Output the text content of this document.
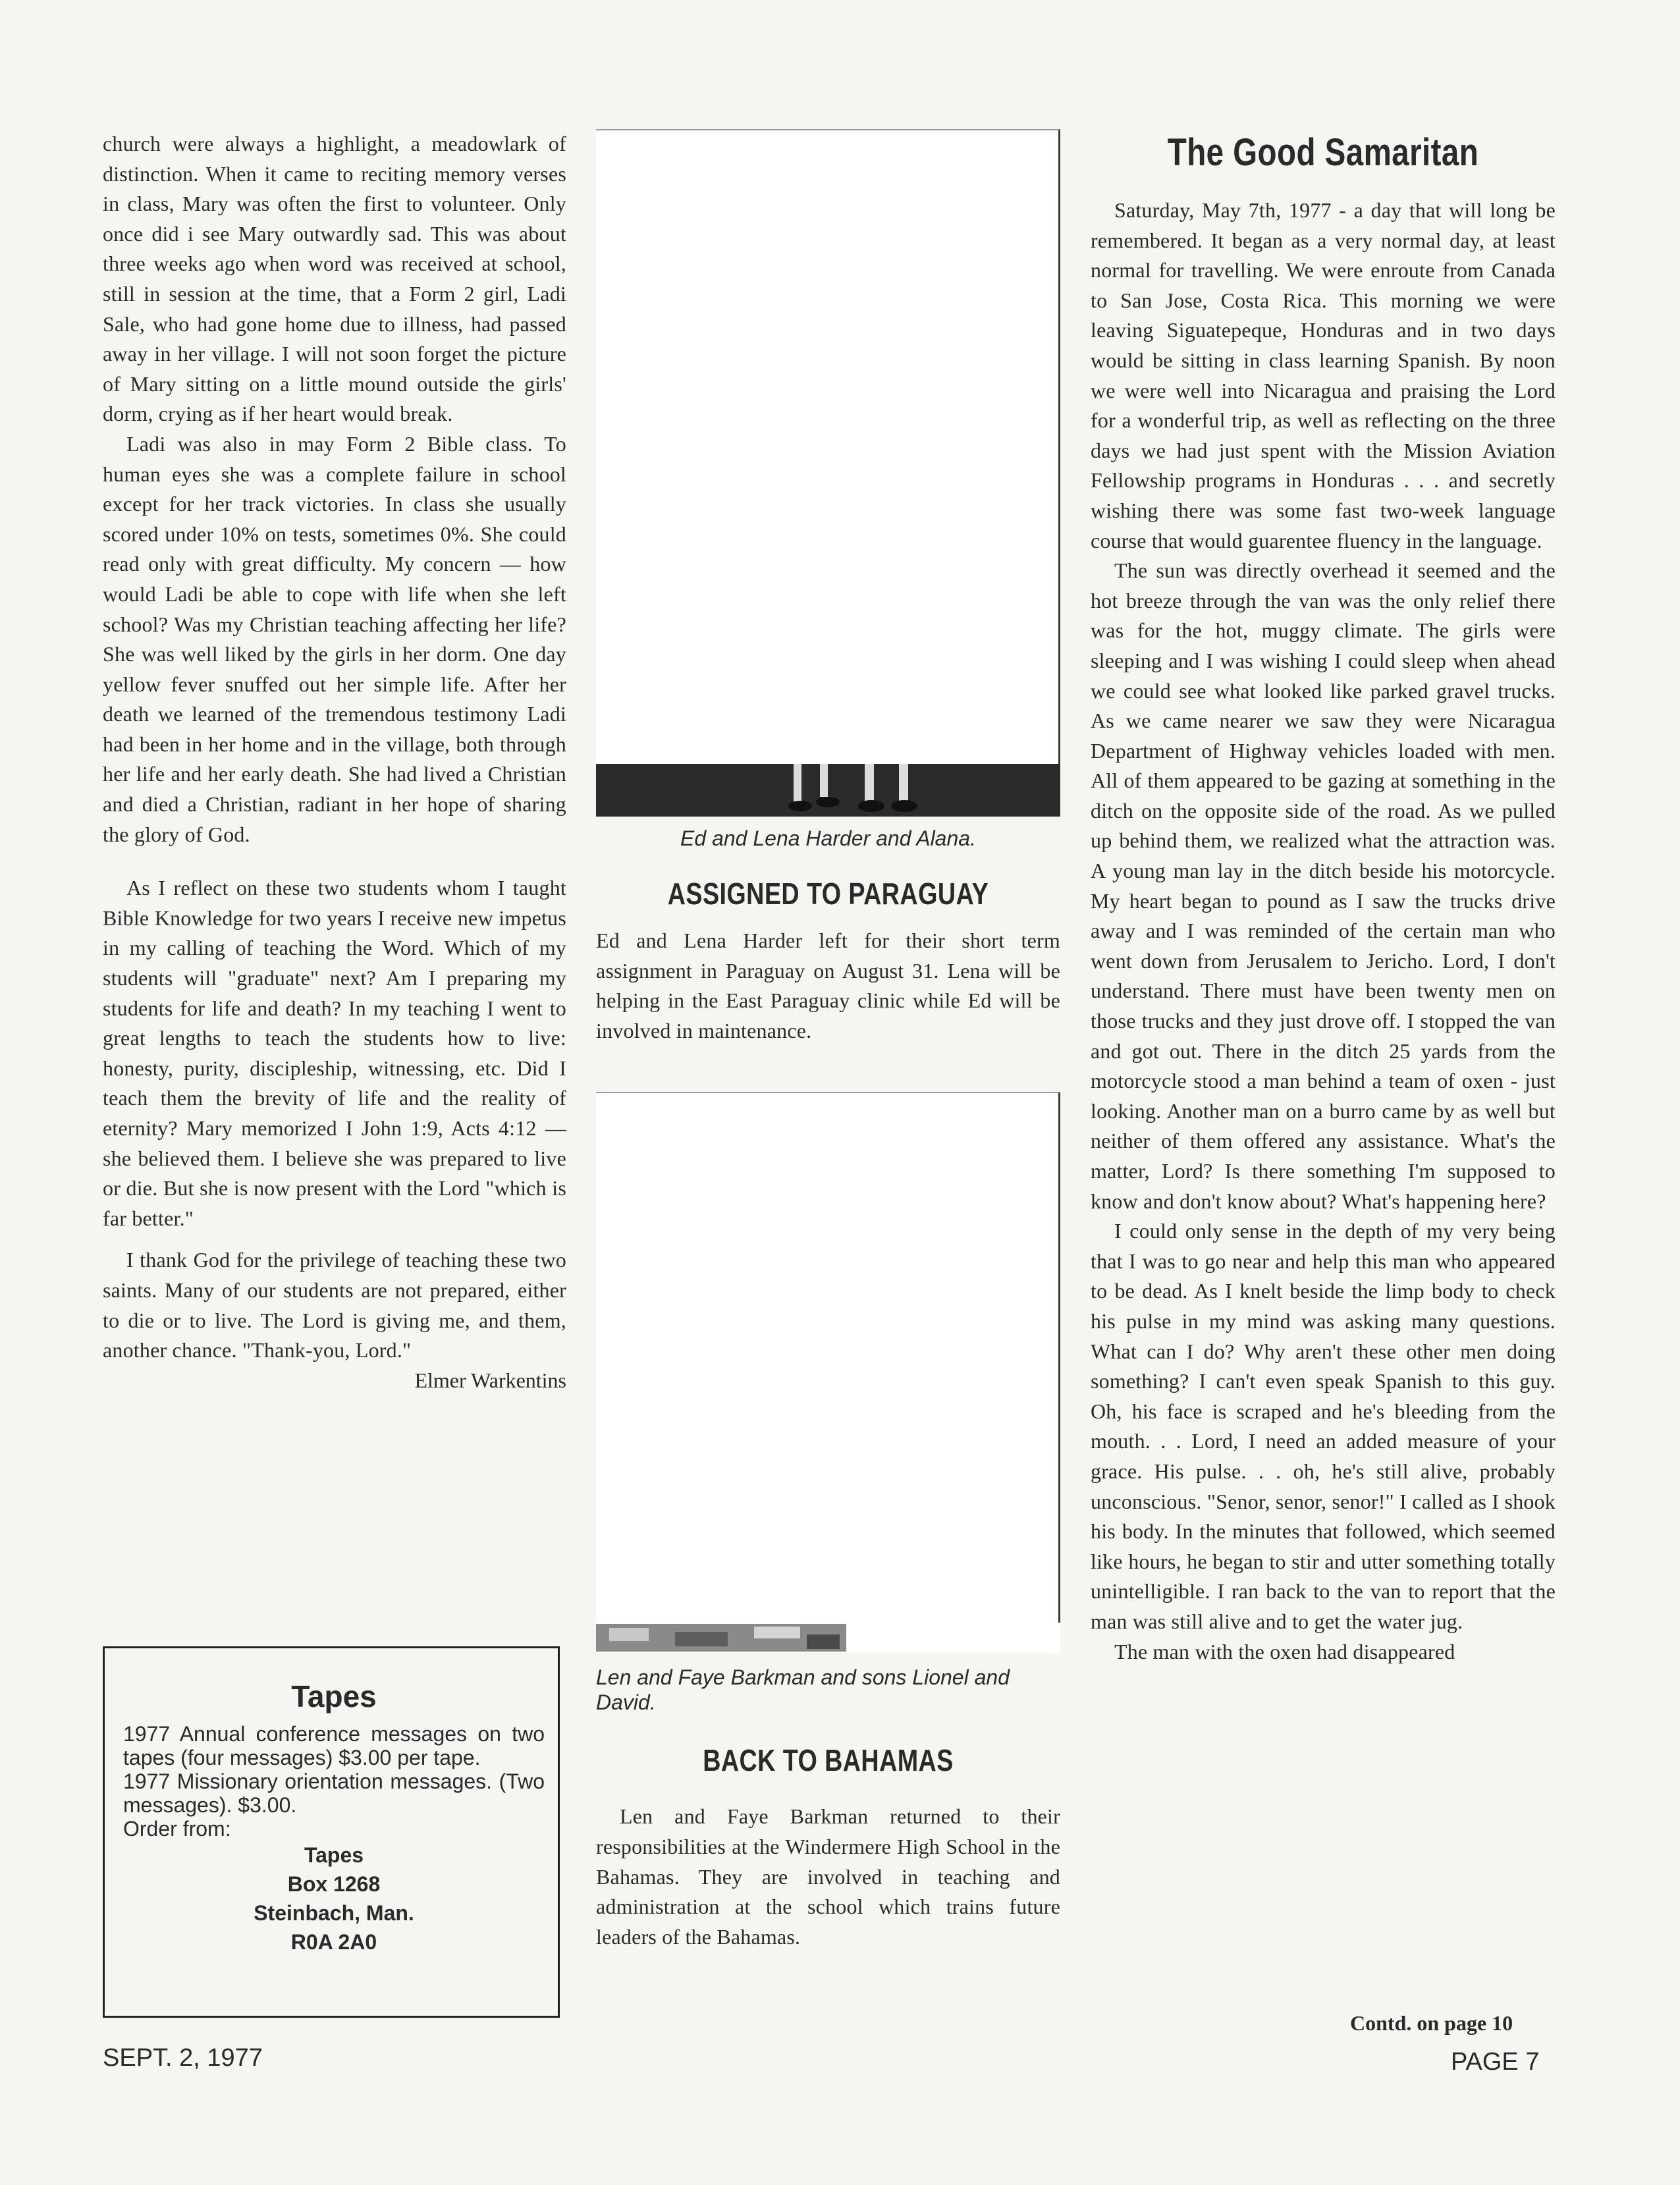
church were always a highlight, a meadowlark of distinction. When it came to reciting memory verses in class, Mary was often the first to volunteer. Only once did i see Mary outwardly sad. This was about three weeks ago when word was received at school, still in session at the time, that a Form 2 girl, Ladi Sale, who had gone home due to illness, had passed away in her village. I will not soon forget the picture of Mary sitting on a little mound outside the girls' dorm, crying as if her heart would break.

Ladi was also in may Form 2 Bible class. To human eyes she was a complete failure in school except for her track victories. In class she usually scored under 10% on tests, sometimes 0%. She could read only with great difficulty. My concern — how would Ladi be able to cope with life when she left school? Was my Christian teaching affecting her life? She was well liked by the girls in her dorm. One day yellow fever snuffed out her simple life. After her death we learned of the tremendous testimony Ladi had been in her home and in the village, both through her life and her early death. She had lived a Christian and died a Christian, radiant in her hope of sharing the glory of God.

As I reflect on these two students whom I taught Bible Knowledge for two years I receive new impetus in my calling of teaching the Word. Which of my students will "graduate" next? Am I preparing my students for life and death? In my teaching I went to great lengths to teach the students how to live: honesty, purity, discipleship, witnessing, etc. Did I teach them the brevity of life and the reality of eternity? Mary memorized I John 1:9, Acts 4:12 — she believed them. I believe she was prepared to live or die. But she is now present with the Lord "which is far better."

I thank God for the privilege of teaching these two saints. Many of our students are not prepared, either to die or to live. The Lord is giving me, and them, another chance. "Thank-you, Lord."

Elmer Warkentins

Tapes

1977 Annual conference messages on two tapes (four messages) $3.00 per tape.

1977 Missionary orientation messages. (Two messages). $3.00.

Order from:

Tapes

Box 1268

Steinbach, Man.

R0A 2A0

Ed and Lena Harder and Alana.

ASSIGNED TO PARAGUAY

Ed and Lena Harder left for their short term assignment in Paraguay on August 31. Lena will be helping in the East Paraguay clinic while Ed will be involved in maintenance.

Len and Faye Barkman and sons Lionel and David.

BACK TO BAHAMAS

Len and Faye Barkman returned to their responsibilities at the Windermere High School in the Bahamas. They are involved in teaching and administration at the school which trains future leaders of the Bahamas.

The Good Samaritan

Saturday, May 7th, 1977 - a day that will long be remembered. It began as a very normal day, at least normal for travelling. We were enroute from Canada to San Jose, Costa Rica. This morning we were leaving Siguatepeque, Honduras and in two days would be sitting in class learning Spanish. By noon we were well into Nicaragua and praising the Lord for a wonderful trip, as well as reflecting on the three days we had just spent with the Mission Aviation Fellowship programs in Honduras . . . and secretly wishing there was some fast two-week language course that would guarentee fluency in the language.

The sun was directly overhead it seemed and the hot breeze through the van was the only relief there was for the hot, muggy climate. The girls were sleeping and I was wishing I could sleep when ahead we could see what looked like parked gravel trucks. As we came nearer we saw they were Nicaragua Department of Highway vehicles loaded with men. All of them appeared to be gazing at something in the ditch on the opposite side of the road. As we pulled up behind them, we realized what the attraction was. A young man lay in the ditch beside his motorcycle. My heart began to pound as I saw the trucks drive away and I was reminded of the certain man who went down from Jerusalem to Jericho. Lord, I don't understand. There must have been twenty men on those trucks and they just drove off. I stopped the van and got out. There in the ditch 25 yards from the motorcycle stood a man behind a team of oxen - just looking. Another man on a burro came by as well but neither of them offered any assistance. What's the matter, Lord? Is there something I'm supposed to know and don't know about? What's happening here?

I could only sense in the depth of my very being that I was to go near and help this man who appeared to be dead. As I knelt beside the limp body to check his pulse in my mind was asking many questions. What can I do? Why aren't these other men doing something? I can't even speak Spanish to this guy. Oh, his face is scraped and he's bleeding from the mouth. . . Lord, I need an added measure of your grace. His pulse. . . oh, he's still alive, probably unconscious. "Senor, senor, senor!" I called as I shook his body. In the minutes that followed, which seemed like hours, he began to stir and utter something totally unintelligible. I ran back to the van to report that the man was still alive and to get the water jug.

The man with the oxen had disappeared

Contd. on page 10
SEPT. 2, 1977	PAGE 7
